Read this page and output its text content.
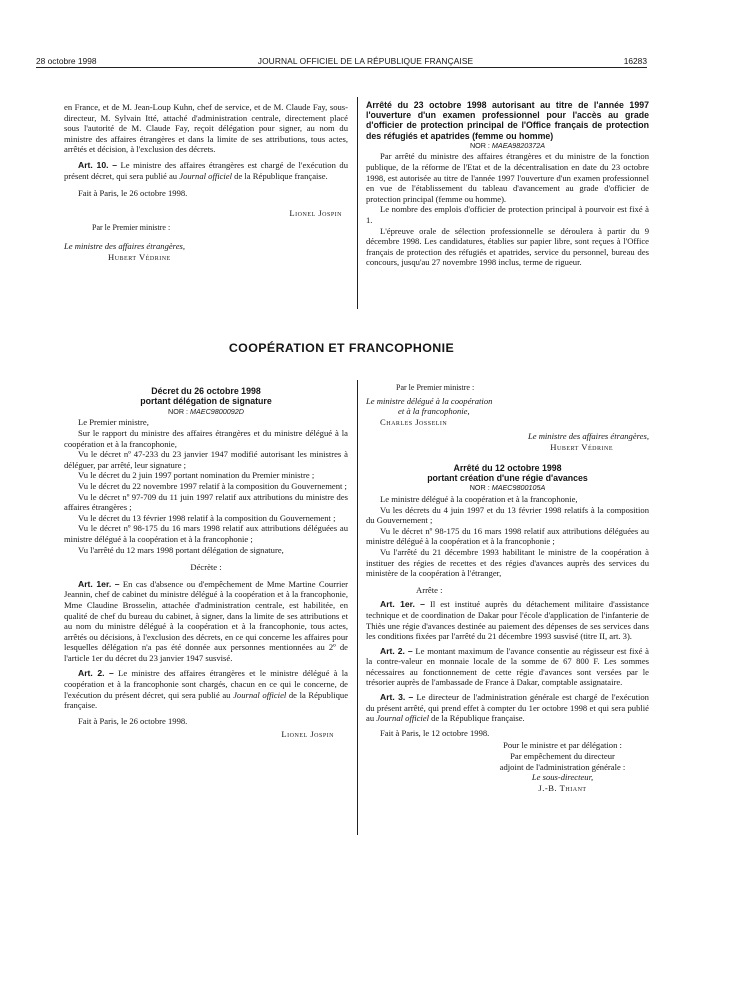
28 octobre 1998	JOURNAL OFFICIEL DE LA RÉPUBLIQUE FRANÇAISE	16283

en France, et de M. Jean-Loup Kuhn, chef de service, et de M. Claude Fay, sous-directeur, M. Sylvain Itté, attaché d'administration centrale, directement placé sous l'autorité de M. Claude Fay, reçoit délégation pour signer, au nom du ministre des affaires étrangères et dans la limite de ses attributions, tous actes, arrêtés et décision, à l'exclusion des décrets.

Art. 10. – Le ministre des affaires étrangères est chargé de l'exécution du présent décret, qui sera publié au Journal officiel de la République française.

Fait à Paris, le 26 octobre 1998.

Lionel Jospin

Par le Premier ministre :

Le ministre des affaires étrangères,

Hubert Védrine

Arrêté du 23 octobre 1998 autorisant au titre de l'année 1997 l'ouverture d'un examen professionnel pour l'accès au grade d'officier de protection principal de l'Office français de protection des réfugiés et apatrides (femme ou homme)

NOR : MAEA9820372A

Par arrêté du ministre des affaires étrangères et du ministre de la fonction publique, de la réforme de l'Etat et de la décentralisation en date du 23 octobre 1998, est autorisée au titre de l'année 1997 l'ouverture d'un examen professionnel en vue de l'établissement du tableau d'avancement au grade d'officier de protection principal (femme ou homme).

Le nombre des emplois d'officier de protection principal à pourvoir est fixé à 1.

L'épreuve orale de sélection professionnelle se déroulera à partir du 9 décembre 1998. Les candidatures, établies sur papier libre, sont reçues à l'Office français de protection des réfugiés et apatrides, service du personnel, bureau des concours, jusqu'au 27 novembre 1998 inclus, terme de rigueur.

COOPÉRATION ET FRANCOPHONIE

Décret du 26 octobre 1998

portant délégation de signature

NOR : MAEC9800092D

Le Premier ministre,

Sur le rapport du ministre des affaires étrangères et du ministre délégué à la coopération et à la francophonie,

Vu le décret nº 47-233 du 23 janvier 1947 modifié autorisant les ministres à déléguer, par arrêté, leur signature ;

Vu le décret du 2 juin 1997 portant nomination du Premier ministre ;

Vu le décret du 22 novembre 1997 relatif à la composition du Gouvernement ;

Vu le décret nº 97-709 du 11 juin 1997 relatif aux attributions du ministre des affaires étrangères ;

Vu le décret du 13 février 1998 relatif à la composition du Gouvernement ;

Vu le décret nº 98-175 du 16 mars 1998 relatif aux attributions déléguées au ministre délégué à la coopération et à la francophonie ;

Vu l'arrêté du 12 mars 1998 portant délégation de signature,

Décrète :

Art. 1er. – En cas d'absence ou d'empêchement de Mme Martine Courrier Jeannin, chef de cabinet du ministre délégué à la coopération et à la francophonie, Mme Claudine Brosselin, attachée d'administration centrale, est habilitée, en qualité de chef du bureau du cabinet, à signer, dans la limite de ses attributions et au nom du ministre délégué à la coopération et à la francophonie, tous actes, arrêtés ou décisions, à l'exclusion des décrets, en ce qui concerne les affaires pour lesquelles délégation n'a pas été donnée aux personnes mentionnées au 2º de l'article 1er du décret du 23 janvier 1947 susvisé.

Art. 2. – Le ministre des affaires étrangères et le ministre délégué à la coopération et à la francophonie sont chargés, chacun en ce qui le concerne, de l'exécution du présent décret, qui sera publié au Journal officiel de la République française.

Fait à Paris, le 26 octobre 1998.

Lionel Jospin

Par le Premier ministre :

Le ministre délégué à la coopération

et à la francophonie,

Charles Josselin

Le ministre des affaires étrangères,

Hubert Védrine

Arrêté du 12 octobre 1998

portant création d'une régie d'avances

NOR : MAEC9800105A

Le ministre délégué à la coopération et à la francophonie,

Vu les décrets du 4 juin 1997 et du 13 février 1998 relatifs à la composition du Gouvernement ;

Vu le décret nº 98-175 du 16 mars 1998 relatif aux attributions déléguées au ministre délégué à la coopération et à la francophonie ;

Vu l'arrêté du 21 décembre 1993 habilitant le ministre de la coopération à instituer des régies de recettes et des régies d'avances auprès des services du ministère de la coopération à l'étranger,

Arrête :

Art. 1er. – Il est institué auprès du détachement militaire d'assistance technique et de coordination de Dakar pour l'école d'application de l'infanterie de Thiès une régie d'avances destinée au paiement des dépenses de ses services dans les conditions fixées par l'arrêté du 21 décembre 1993 susvisé (titre II, art. 3).

Art. 2. – Le montant maximum de l'avance consentie au régisseur est fixé à la contre-valeur en monnaie locale de la somme de 67 800 F. Les sommes nécessaires au fonctionnement de cette régie d'avances sont versées par le trésorier auprès de l'ambassade de France à Dakar, comptable assignataire.

Art. 3. – Le directeur de l'administration générale est chargé de l'exécution du présent arrêté, qui prend effet à compter du 1er octobre 1998 et qui sera publié au Journal officiel de la République française.

Fait à Paris, le 12 octobre 1998.

Pour le ministre et par délégation :

Par empêchement du directeur

adjoint de l'administration générale :

Le sous-directeur,

J.-B. Thiant
